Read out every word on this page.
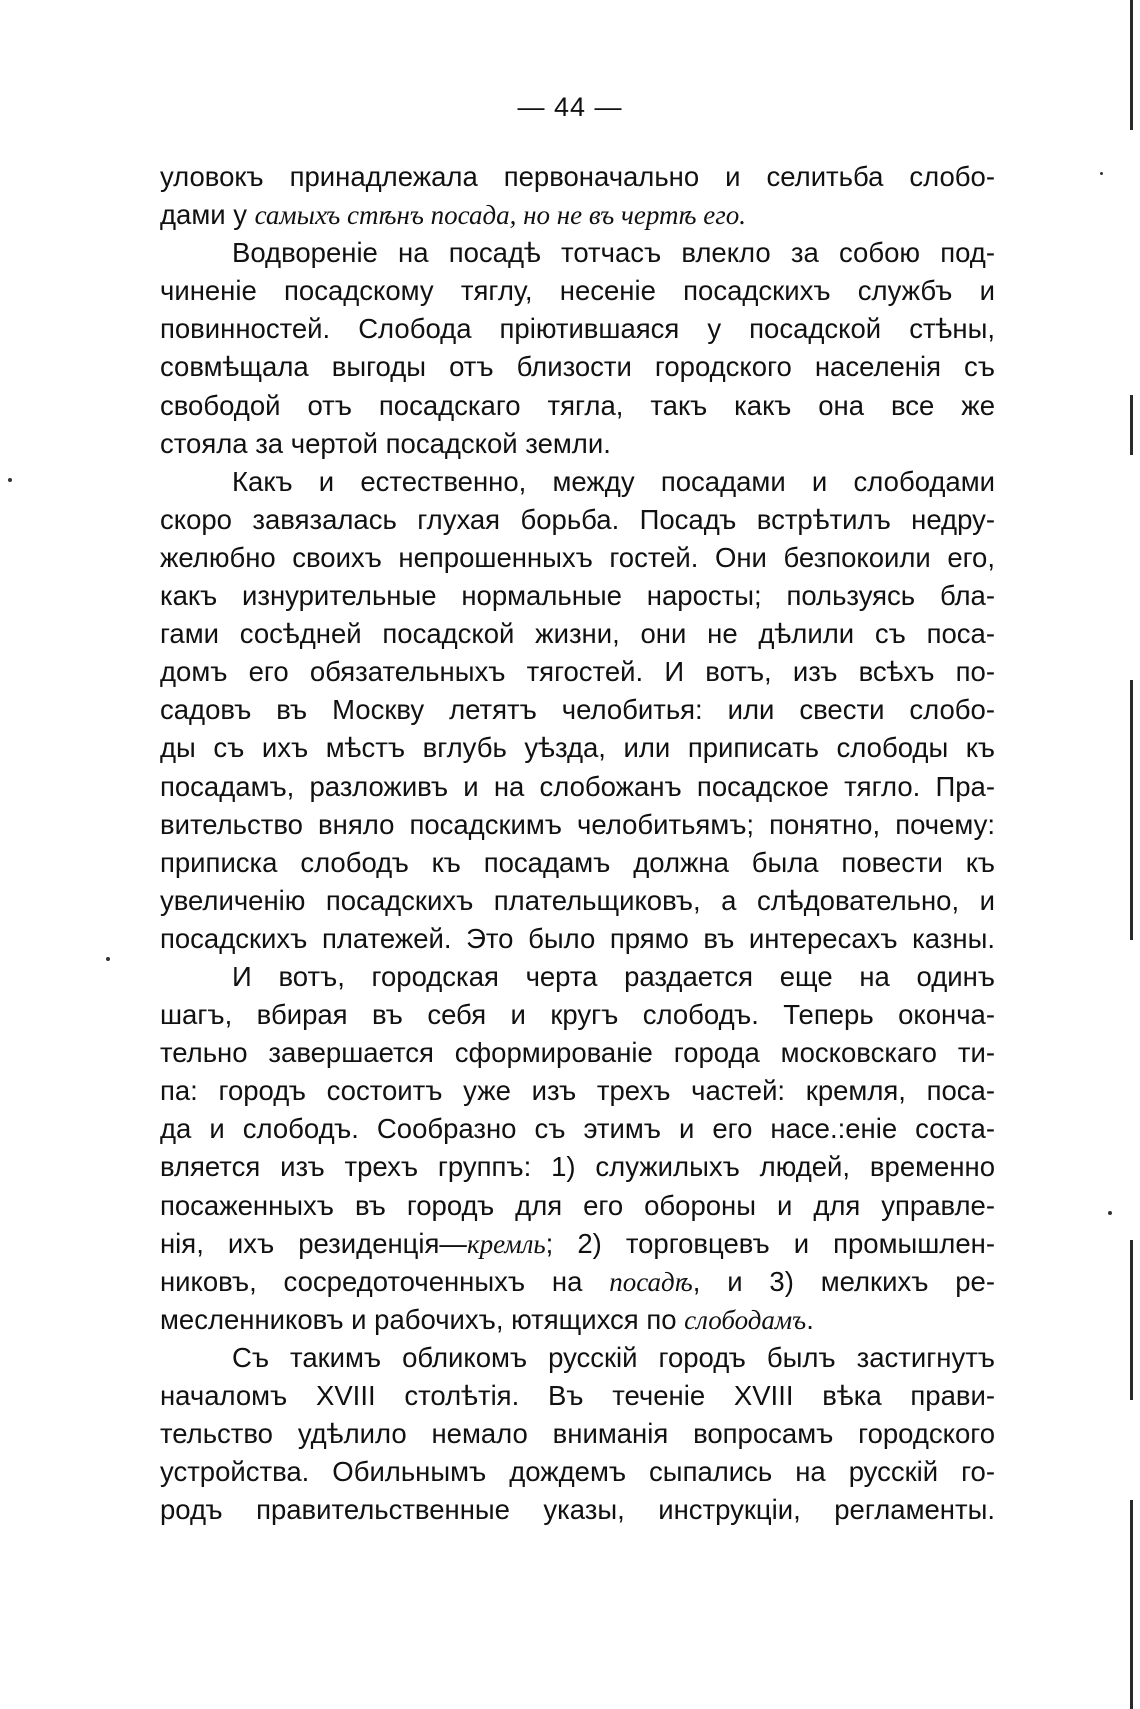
— 44 —
уловокъ принадлежала первоначально и селитьба слобо-
дами у самыхъ стѣнъ посада, но не въ чертѣ его.
Водвореніе на посадѣ тотчасъ влекло за собою под-
чиненіе посадскому тяглу, несеніе посадскихъ службъ и
повинностей. Слобода пріютившаяся у посадской стѣны,
совмѣщала выгоды отъ близости городского населенія съ
свободой отъ посадскаго тягла, такъ какъ она все же
стояла за чертой посадской земли.
Какъ и естественно, между посадами и слободами
скоро завязалась глухая борьба. Посадъ встрѣтилъ недру-
желюбно своихъ непрошенныхъ гостей. Они безпокоили его,
какъ изнурительные нормальные наросты; пользуясь бла-
гами сосѣдней посадской жизни, они не дѣлили съ поса-
домъ его обязательныхъ тягостей. И вотъ, изъ всѣхъ по-
садовъ въ Москву летятъ челобитья: или свести слобо-
ды съ ихъ мѣстъ вглубь уѣзда, или приписать слободы къ
посадамъ, разложивъ и на слобожанъ посадское тягло. Пра-
вительство вняло посадскимъ челобитьямъ; понятно, почему:
приписка слободъ къ посадамъ должна была повести къ
увеличенію посадскихъ плательщиковъ, а слѣдовательно, и
посадскихъ платежей. Это было прямо въ интересахъ казны.
И вотъ, городская черта раздается еще на одинъ
шагъ, вбирая въ себя и кругъ слободъ. Теперь оконча-
тельно завершается сформированіе города московскаго ти-
па: городъ состоитъ уже изъ трехъ частей: кремля, поса-
да и слободъ. Сообразно съ этимъ и его насе.:еніе соста-
вляется изъ трехъ группъ: 1) служилыхъ людей, временно
посаженныхъ въ городъ для его обороны и для управле-
нія, ихъ резиденція—кремль; 2) торговцевъ и промышлен-
никовъ, сосредоточенныхъ на посадѣ, и 3) мелкихъ ре-
месленниковъ и рабочихъ, ютящихся по слободамъ.
Съ такимъ обликомъ русскій городъ былъ застигнутъ
началомъ XVIII столѣтія. Въ теченіе XVIII вѣка прави-
тельство удѣлило немало вниманія вопросамъ городского
устройства. Обильнымъ дождемъ сыпались на русскій го-
родъ правительственные указы, инструкціи, регламенты.
